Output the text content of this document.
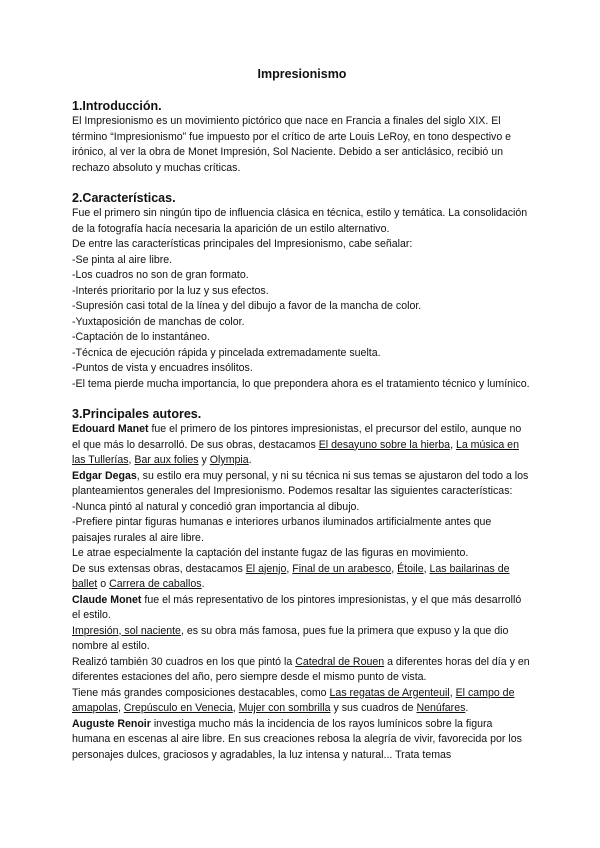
Impresionismo

1.Introducción.

El Impresionismo es un movimiento pictórico que nace en Francia a finales del siglo XIX. El término “Impresionismo” fue impuesto por el crítico de arte Louis LeRoy, en tono despectivo e irónico, al ver la obra de Monet Impresión, Sol Naciente. Debido a ser anticlásico, recibió un rechazo absoluto y muchas críticas.

2.Características.

Fue el primero sin ningún tipo de influencia clásica en técnica, estilo y temática. La consolidación de la fotografía hacía necesaria la aparición de un estilo alternativo.

De entre las características principales del Impresionismo, cabe señalar:

-Se pinta al aire libre.

-Los cuadros no son de gran formato.

-Interés prioritario por la luz y sus efectos.

-Supresión casi total de la línea y del dibujo a favor de la mancha de color.

-Yuxtaposición de manchas de color.

-Captación de lo instantáneo.

-Técnica de ejecución rápida y pincelada extremadamente suelta.

-Puntos de vista y encuadres insólitos.

-El tema pierde mucha importancia, lo que prepondera ahora es el tratamiento técnico y lumínico.

3.Principales autores.

Edouard Manet fue el primero de los pintores impresionistas, el precursor del estilo, aunque no el que más lo desarrolló. De sus obras, destacamos El desayuno sobre la hierba, La música en las Tullerías, Bar aux folies y Olympia.

Edgar Degas, su estilo era muy personal, y ni su técnica ni sus temas se ajustaron del todo a los planteamientos generales del Impresionismo. Podemos resaltar las siguientes características:

-Nunca pintó al natural y concedió gran importancia al dibujo.

-Prefiere pintar figuras humanas e interiores urbanos iluminados artificialmente antes que paisajes rurales al aire libre.

Le atrae especialmente la captación del instante fugaz de las figuras en movimiento.

De sus extensas obras, destacamos El ajenjo, Final de un arabesco, Étoile, Las bailarinas de ballet o Carrera de caballos.

Claude Monet fue el más representativo de los pintores impresionistas, y el que más desarrolló el estilo.

Impresión, sol naciente, es su obra más famosa, pues fue la primera que expuso y la que dio nombre al estilo.

Realizó también 30 cuadros en los que pintó la Catedral de Rouen a diferentes horas del día y en diferentes estaciones del año, pero siempre desde el mismo punto de vista.

Tiene más grandes composiciones destacables, como Las regatas de Argenteuil, El campo de amapolas, Crepúsculo en Venecia, Mujer con sombrilla y sus cuadros de Nenúfares.

Auguste Renoir investiga mucho más la incidencia de los rayos lumínicos sobre la figura humana en escenas al aire libre. En sus creaciones rebosa la alegría de vivir, favorecida por los personajes dulces, graciosos y agradables, la luz intensa y natural... Trata temas
